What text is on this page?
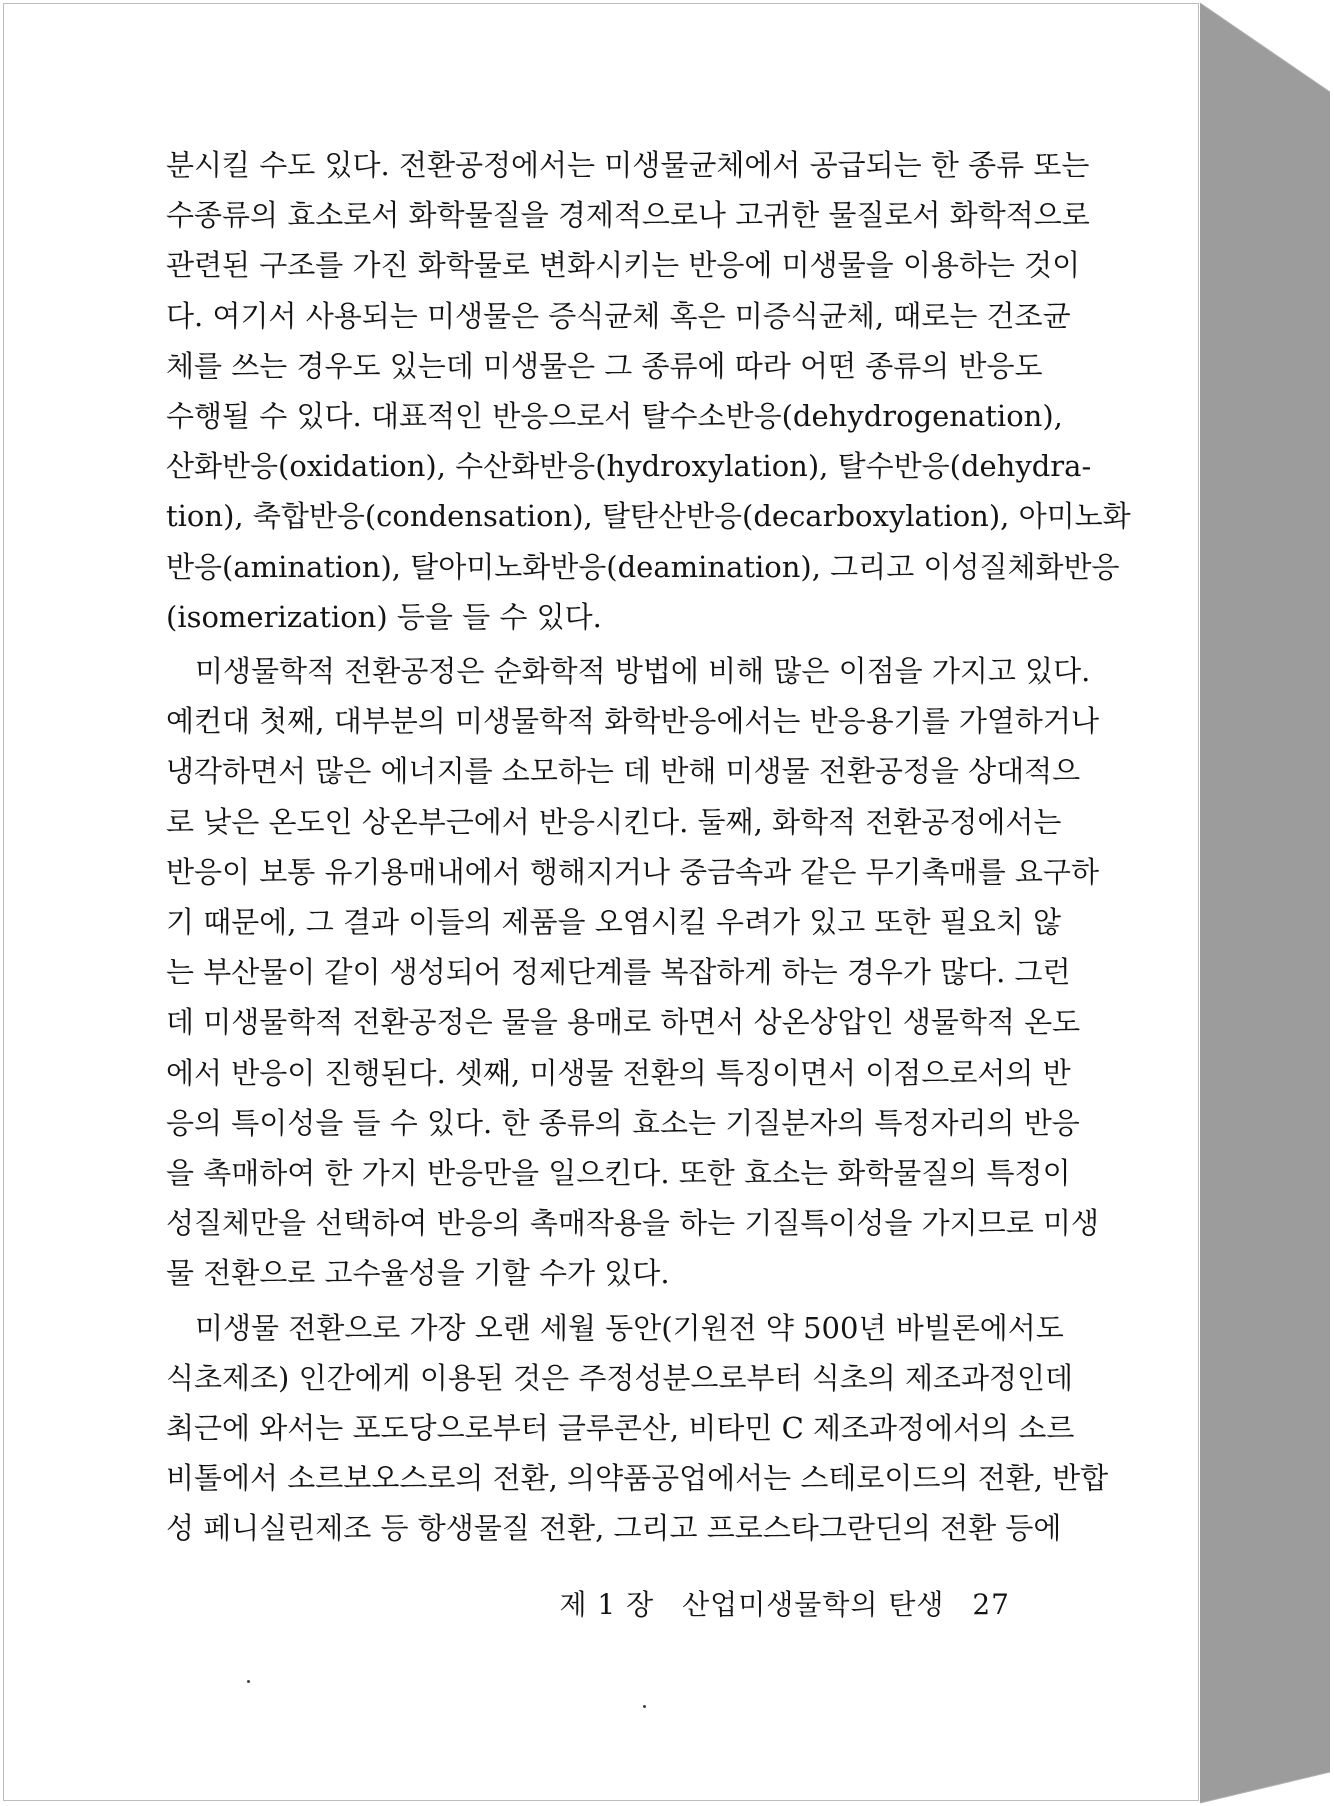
분시킬 수도 있다. 전환공정에서는 미생물균체에서 공급되는 한 종류 또는
수종류의 효소로서 화학물질을 경제적으로나 고귀한 물질로서 화학적으로
관련된 구조를 가진 화학물로 변화시키는 반응에 미생물을 이용하는 것이
다. 여기서 사용되는 미생물은 증식균체 혹은 미증식균체, 때로는 건조균
체를 쓰는 경우도 있는데 미생물은 그 종류에 따라 어떤 종류의 반응도
수행될 수 있다. 대표적인 반응으로서 탈수소반응(dehydrogenation),
산화반응(oxidation), 수산화반응(hydroxylation), 탈수반응(dehydra-
tion), 축합반응(condensation), 탈탄산반응(decarboxylation), 아미노화
반응(amination), 탈아미노화반응(deamination), 그리고 이성질체화반응
(isomerization) 등을 들 수 있다.
미생물학적 전환공정은 순화학적 방법에 비해 많은 이점을 가지고 있다.
예컨대 첫째, 대부분의 미생물학적 화학반응에서는 반응용기를 가열하거나
냉각하면서 많은 에너지를 소모하는 데 반해 미생물 전환공정을 상대적으
로 낮은 온도인 상온부근에서 반응시킨다. 둘째, 화학적 전환공정에서는
반응이 보통 유기용매내에서 행해지거나 중금속과 같은 무기촉매를 요구하
기 때문에, 그 결과 이들의 제품을 오염시킬 우려가 있고 또한 필요치 않
는 부산물이 같이 생성되어 정제단계를 복잡하게 하는 경우가 많다. 그런
데 미생물학적 전환공정은 물을 용매로 하면서 상온상압인 생물학적 온도
에서 반응이 진행된다. 셋째, 미생물 전환의 특징이면서 이점으로서의 반
응의 특이성을 들 수 있다. 한 종류의 효소는 기질분자의 특정자리의 반응
을 촉매하여 한 가지 반응만을 일으킨다. 또한 효소는 화학물질의 특정이
성질체만을 선택하여 반응의 촉매작용을 하는 기질특이성을 가지므로 미생
물 전환으로 고수율성을 기할 수가 있다.
미생물 전환으로 가장 오랜 세월 동안(기원전 약 500년 바빌론에서도
식초제조) 인간에게 이용된 것은 주정성분으로부터 식초의 제조과정인데
최근에 와서는 포도당으로부터 글루콘산, 비타민 C 제조과정에서의 소르
비톨에서 소르보오스로의 전환, 의약품공업에서는 스테로이드의 전환, 반합
성 페니실린제조 등 항생물질 전환, 그리고 프로스타그란딘의 전환 등에
제 1 장 산업미생물학의 탄생 27
